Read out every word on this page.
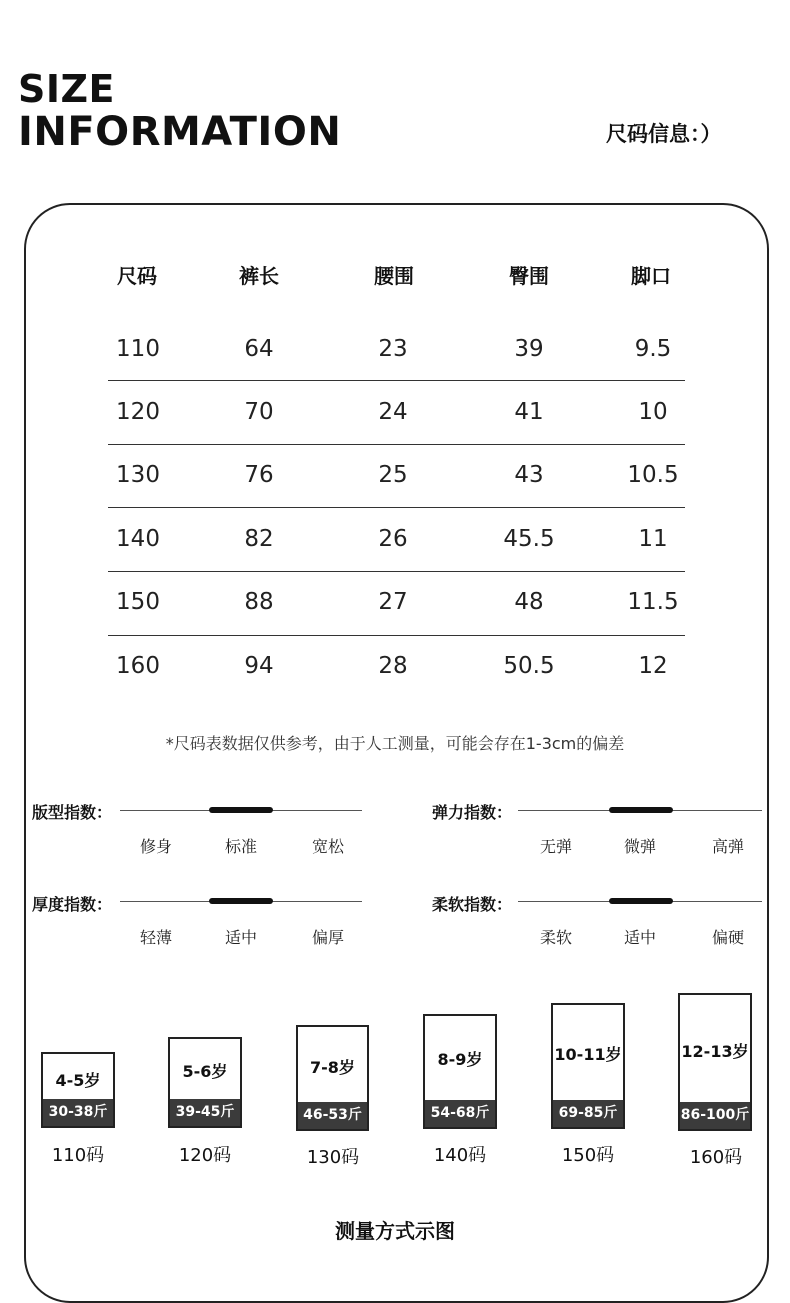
SIZE
INFORMATION	尺码信息：）
尺码	裤长	腰围	臀围	脚口
110	64	23	39	9.5
120	70	24	41	10
130	76	25	43	10.5
140	82	26	45.5	11
150	88	27	48	11.5
160	94	28	50.5	12
*尺码表数据仅供参考，由于人工测量，可能会存在1-3cm的偏差
版型指数：
修身	标准	宽松
弹力指数：
无弹	微弹	高弹
厚度指数：
轻薄	适中	偏厚
柔软指数：
柔软	适中	偏硬
4-5岁
30-38斤
110码
5-6岁
39-45斤
120码
7-8岁
46-53斤
130码
8-9岁
54-68斤
140码
10-11岁
69-85斤
150码
12-13岁
86-100斤
160码
测量方式示图
